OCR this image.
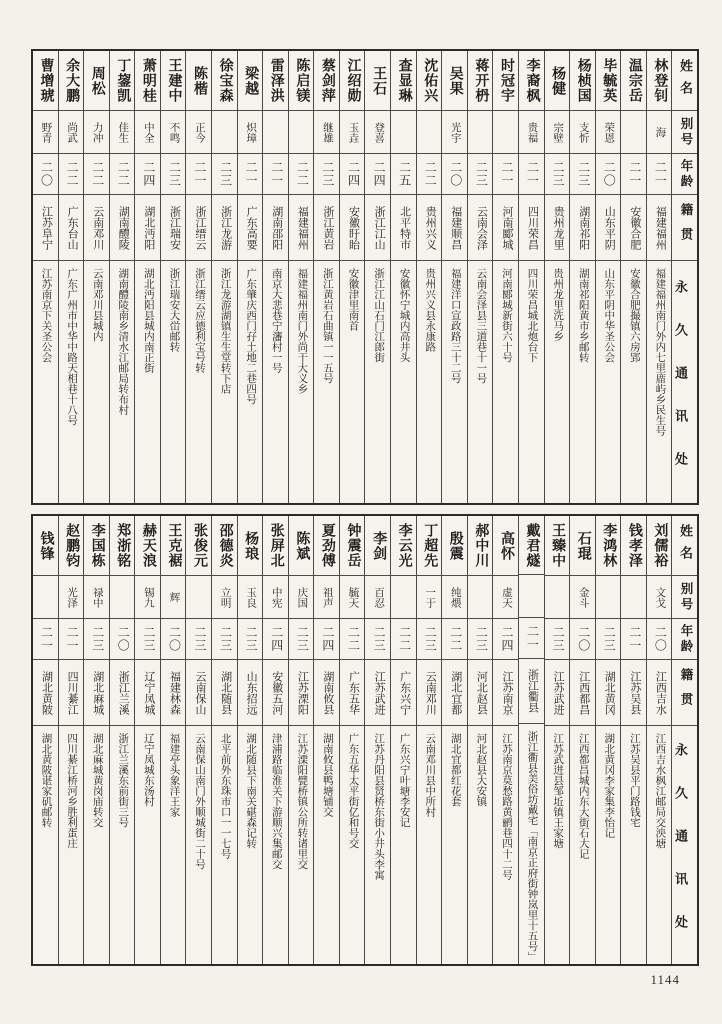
姓名
别号
年龄
籍贯
永久通讯处
林登钊
海
二一
福建福州
福建福州南门外内七里庿屿乡民生号
温宗岳
二一
安徽合肥
安徽合肥撮镇六房郢
毕毓英
荣恩
二〇
山东平阴
山东平阴中华圣公会
杨桢国
支忻
二三
湖南祁阳
湖南祁阳黄市乡邮转
杨健
宗壁
二三
贵州龙里
贵州龙里洗马乡
李裔枫
贵福
二一
四川荣昌
四川荣昌城北炮台下
时冠宇
二一
河南郾城
河南郾城新街六十号
蒋开枬
二三
云南会泽
云南会泽县三道巷十一号
吴果
光宇
二〇
福建顺昌
福建洋口宣政路三十二号
沈佑兴
二二
贵州兴义
贵州兴义县永康路
查显琳
二五
北平特市
安徽怀宁城内高井头
王石
登喜
二四
浙江江山
浙江江山石门江郎街
江绍勋
玉垚
二四
安徽盱眙
安徽津里南首
蔡剑萍
继雄
二三
浙江黄岩
浙江黄岩石曲镇一一五号
陈启镁
二二
福建福州
福建福州南门外尚干大义乡
雷泽洪
二一
湖南邵阳
南京大悲巷宁瀋村一号
梁越
炽璋
二一
广东高要
广东肇庆西门孖土地二巷四号
徐宝森
二三
浙江龙游
浙江龙游湖镇生生堂转下店
陈楷
正今
二一
浙江缙云
浙江缙云应德利宝号转
王建中
不鸣
二三
浙江瑞安
浙江瑞安大峃邮转
萧明桂
中全
二四
湖北沔阳
湖北沔阳县城内南正街
丁鋆凯
佳生
二二
湖南醴陵
湖南醴陵南乡清水江邮局转布村
周松
力冲
二二
云南邓川
云南邓川县城内
余大鹏
尚武
二二
广东台山
广东广州市中华中路天相巷十八号
曹增琥
野青
二〇
江苏阜宁
江苏南京下关圣公会
姓名
别号
年龄
籍贯
永久通讯处
刘儒裕
文戈
二〇
江西吉水
江西吉水枫江邮局交泱塘
钱孝泽
二一
江苏吴县
江苏吴县平门路钱宅
李鸿林
二三
湖北黄冈
湖北黄冈李家集李怡记
石琨
金斗
二〇
江西都昌
江西都昌城内东大街石大记
王臻中
二三
江苏武进
江苏武进县邹坵镇王家塘
戴君燧
二一
浙江衢县
浙江衢县美俗坊戴宅「南京正府街钟岚里十五号」
高怀
虚天
二四
江苏南京
江苏南京莫愁路黄鹂巷四十二号
郝中川
二三
河北赵县
河北赵县大安镇
殷震
纯煨
二二
湖北宜都
湖北宜都红花套
丁超先
一于
二三
云南邓川
云南邓川县中所村
李云光
二二
广东兴宁
广东兴宁叶塘李安记
李剑
百忍
二三
江苏武进
江苏丹阳县贤桥东街小井头李寓
钟震岳
毓天
二二
广东五华
广东五华太平街亿和号交
夏劲傅
祖声
二四
湖南攸县
湖南攸县鸭塘铺交
陈斌
庆国
二三
江苏溧阳
江苏溧阳甓桥镇公所转诸里交
张屏北
中宪
二四
安徽五河
津浦路临淮关下游顺兴集邮交
杨琅
玉良
二三
山东招远
湖北随县下南关碪森记转
邵德炎
立明
二三
湖北随县
北平前外东珠市口一一七号
张俊元
二三
云南保山
云南保山南门外顺城街二十号
王克裾
辉
二〇
福建林森
福建亭头象洋王家
赫天浪
锡九
二三
辽宁凤城
辽宁凤城东汤村
郑浙铭
二〇
浙江兰溪
浙江兰溪东前街三号
李国栋
禄中
二三
湖北麻城
湖北麻城黄岗庙转交
赵鹏钧
光泽
二一
四川綦江
四川綦江桥河乡胜利蛋庄
钱锋
二一
湖北黄陂
湖北黄陂谌家矶邮转
1144
